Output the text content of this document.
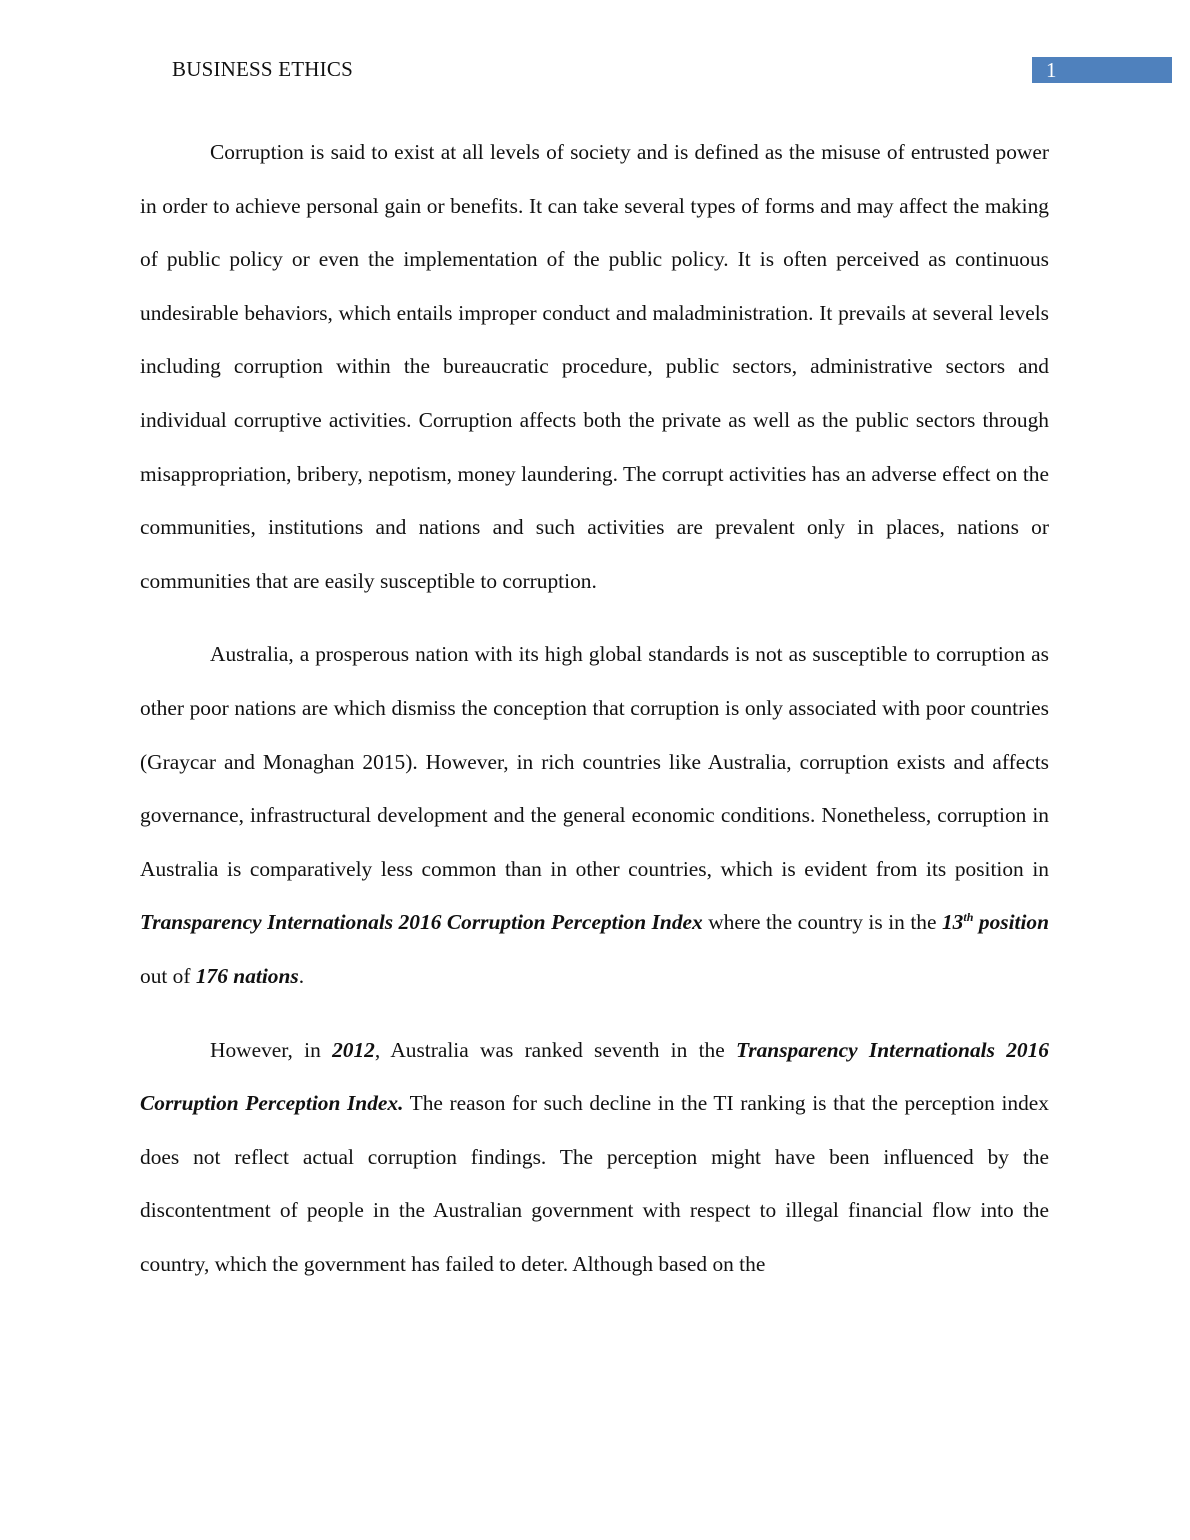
BUSINESS ETHICS	1

Corruption is said to exist at all levels of society and is defined as the misuse of entrusted power in order to achieve personal gain or benefits. It can take several types of forms and may affect the making of public policy or even the implementation of the public policy. It is often perceived as continuous undesirable behaviors, which entails improper conduct and maladministration. It prevails at several levels including corruption within the bureaucratic procedure, public sectors, administrative sectors and individual corruptive activities. Corruption affects both the private as well as the public sectors through misappropriation, bribery, nepotism, money laundering. The corrupt activities has an adverse effect on the communities, institutions and nations and such activities are prevalent only in places, nations or communities that are easily susceptible to corruption.

Australia, a prosperous nation with its high global standards is not as susceptible to corruption as other poor nations are which dismiss the conception that corruption is only associated with poor countries (Graycar and Monaghan 2015). However, in rich countries like Australia, corruption exists and affects governance, infrastructural development and the general economic conditions. Nonetheless, corruption in Australia is comparatively less common than in other countries, which is evident from its position in Transparency Internationals 2016 Corruption Perception Index where the country is in the 13th position out of 176 nations.

However, in 2012, Australia was ranked seventh in the Transparency Internationals 2016 Corruption Perception Index. The reason for such decline in the TI ranking is that the perception index does not reflect actual corruption findings. The perception might have been influenced by the discontentment of people in the Australian government with respect to illegal financial flow into the country, which the government has failed to deter. Although based on the
